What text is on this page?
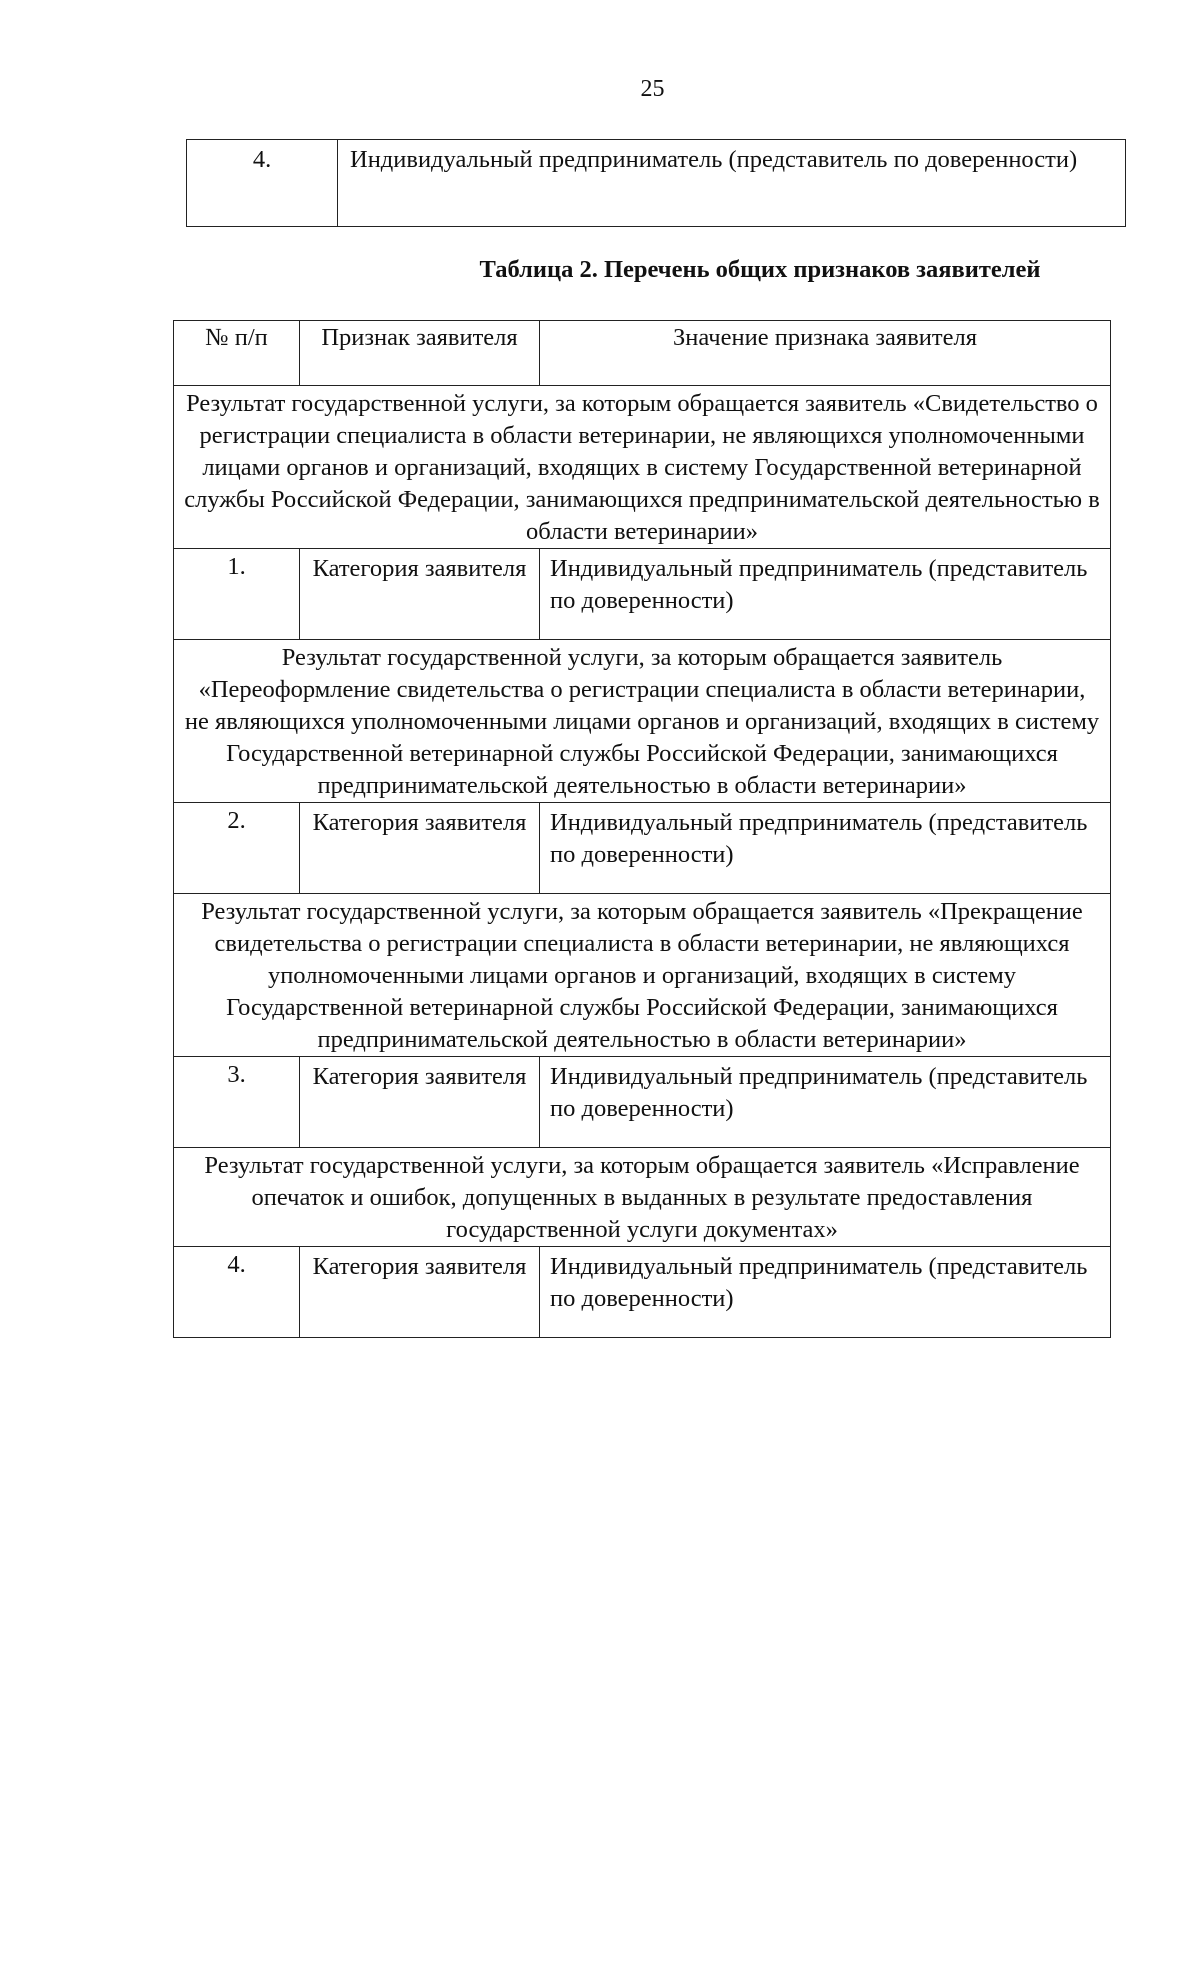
25
4.	Индивидуальный предприниматель (представитель по доверенности)
Таблица 2. Перечень общих признаков заявителей
№ п/п	Признак заявителя	Значение признака заявителя
Результат государственной услуги, за которым обращается заявитель «Свидетельство о регистрации специалиста в области ветеринарии, не являющихся уполномоченными лицами органов и организаций, входящих в систему Государственной ветеринарной службы Российской Федерации, занимающихся предпринимательской деятельностью в области ветеринарии»		
1.	Категория заявителя	Индивидуальный предприниматель (представитель по доверенности)
Результат государственной услуги, за которым обращается заявитель «Переоформление свидетельства о регистрации специалиста в области ветеринарии, не являющихся уполномоченными лицами органов и организаций, входящих в систему Государственной ветеринарной службы Российской Федерации, занимающихся предпринимательской деятельностью в области ветеринарии»		
2.	Категория заявителя	Индивидуальный предприниматель (представитель по доверенности)
Результат государственной услуги, за которым обращается заявитель «Прекращение свидетельства о регистрации специалиста в области ветеринарии, не являющихся уполномоченными лицами органов и организаций, входящих в систему Государственной ветеринарной службы Российской Федерации, занимающихся предпринимательской деятельностью в области ветеринарии»		
3.	Категория заявителя	Индивидуальный предприниматель (представитель по доверенности)
Результат государственной услуги, за которым обращается заявитель «Исправление опечаток и ошибок, допущенных в выданных в результате предоставления государственной услуги документах»		
4.	Категория заявителя	Индивидуальный предприниматель (представитель по доверенности)
